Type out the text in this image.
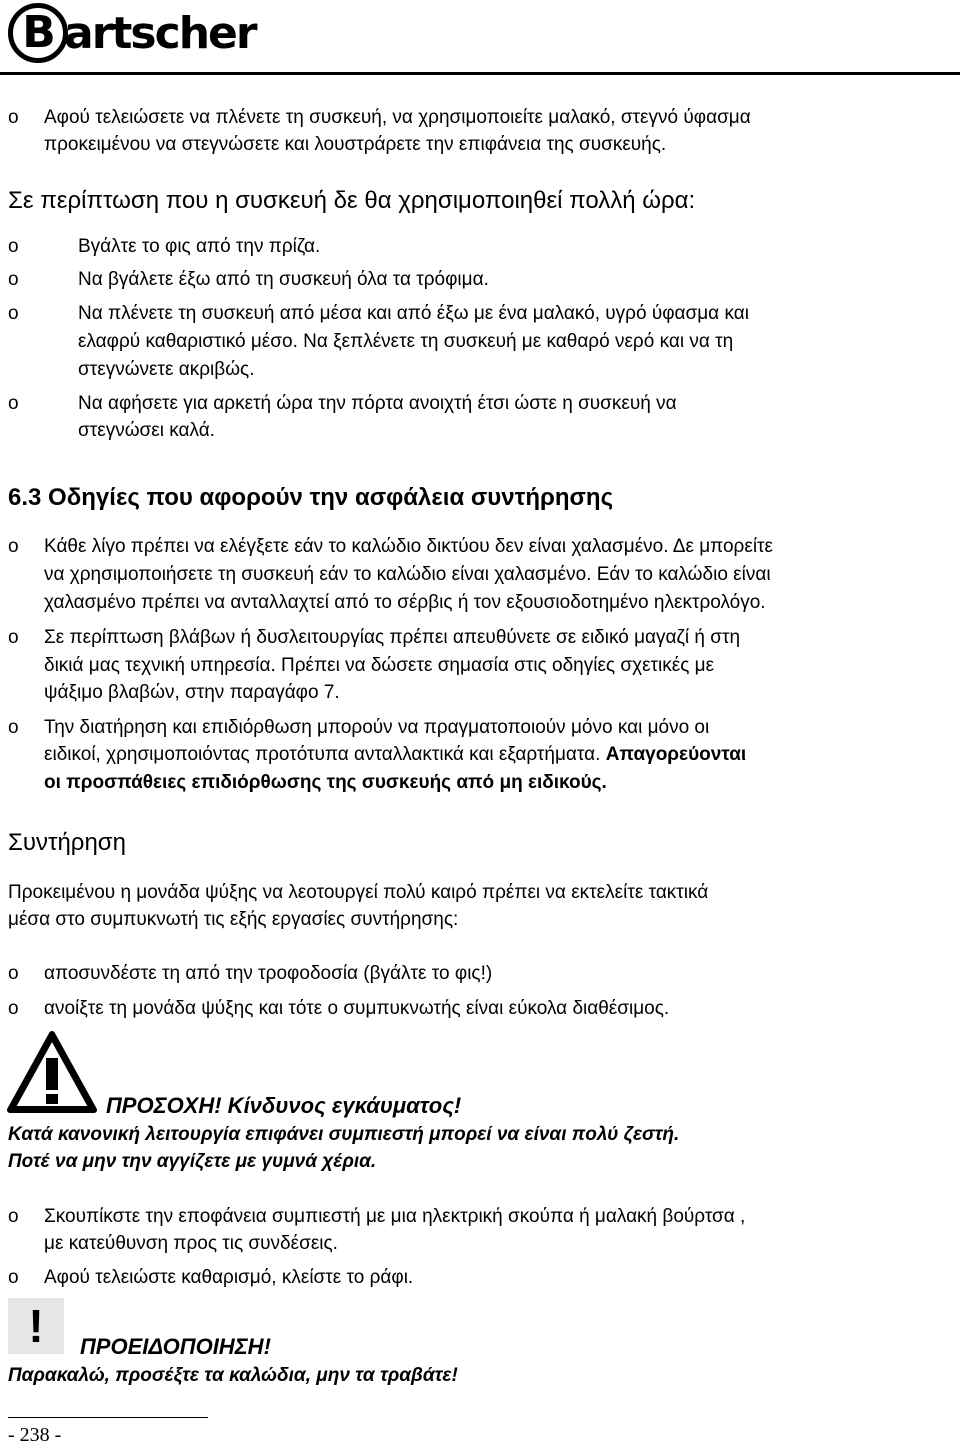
B artscher
o Αφού τελειώσετε να πλένετε τη συσκευή, να χρησιμοποιείτε μαλακό, στεγνό ύφασμα
προκειμένου να στεγνώσετε και λουστράρετε την επιφάνεια της συσκευής.
Σε περίπτωση που η συσκευή δε θα χρησιμοποιηθεί πολλή ώρα:
o	Βγάλτε το φις από την πρίζα.
o	Να βγάλετε έξω από τη συσκευή όλα τα τρόφιμα.
o	Να πλένετε τη συσκευή από μέσα και από έξω με ένα μαλακό, υγρό ύφασμα και
ελαφρύ καθαριστικό μέσο. Να ξεπλένετε τη συσκευή με καθαρό νερό και να τη
στεγνώνετε ακριβώς.
o	Να αφήσετε για αρκετή ώρα την πόρτα ανοιχτή έτσι ώστε η συσκευή να
στεγνώσει καλά.
6.3 Οδηγίες που αφορούν την ασφάλεια συντήρησης
o Κάθε λίγο πρέπει να ελέγξετε εάν το καλώδιο δικτύου δεν είναι χαλασμένο. Δε μπορείτε
να χρησιμοποιήσετε τη συσκευή εάν το καλώδιο είναι χαλασμένο. Εάν το καλώδιο είναι
χαλασμένο πρέπει να ανταλλαχτεί από το σέρβις ή τον εξουσιοδοτημένο ηλεκτρολόγο.
o Σε περίπτωση βλάβων ή δυσλειτουργίας πρέπει απευθύνετε σε ειδικό μαγαζί ή στη
δικιά μας τεχνική υπηρεσία. Πρέπει να δώσετε σημασία στις οδηγίες σχετικές με
ψάξιμο βλαβών, στην παραγάφο 7.
o Την διατήρηση και επιδιόρθωση μπορούν να πραγματοποιούν μόνο και μόνο οι
ειδικοί, χρησιμοποιόντας προτότυπα ανταλλακτικά και εξαρτήματα. Απαγορεύονται
οι προσπάθειες επιδιόρθωσης της συσκευής από μη ειδικούς.
Συντήρηση
Προκειμένου η μονάδα ψύξης να λεοτουργεί πολύ καιρό πρέπει να εκτελείτε τακτικά
μέσα στο συμπυκνωτή τις εξής εργασίες συντήρησης:
o αποσυνδέστε τη από την τροφοδοσία (βγάλτε το φις!)
o ανοίξτε τη μονάδα ψύξης και τότε ο συμπυκνωτής είναι εύκολα διαθέσιμος.
ΠΡΟΣΟΧΗ! Κίνδυνος εγκάυματος!
Κατά κανονική λειτουργία επιφάνει συμπιεστή μπορεί να είναι πολύ ζεστή.
Ποτέ να μην την αγγίζετε με γυμνά χέρια.
o Σκουπίκστε την εποφάνεια συμπιεστή με μια ηλεκτρική σκούπα ή μαλακή βούρτσα ,
με κατεύθυνση προς τις συνδέσεις.
o Αφού τελειώστε καθαρισμό, κλείστε το ράφι.
!	ΠΡΟΕΙΔΟΠΟΙΗΣΗ!
Παρακαλώ, προσέξτε τα καλώδια, μην τα τραβάτε!
- 238 -
